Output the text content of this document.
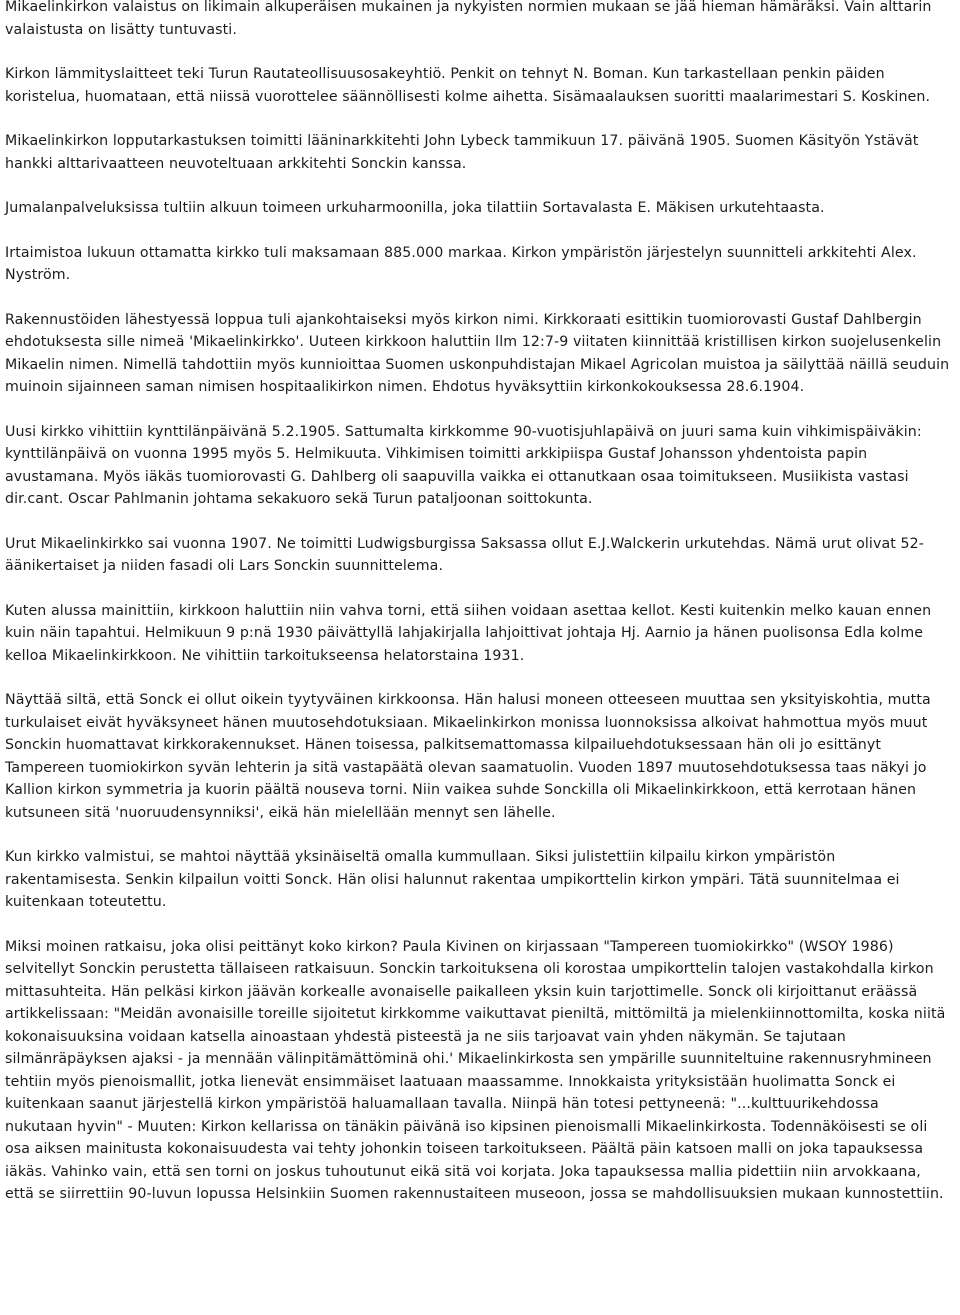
Mikaelinkirkon valaistus on likimain alkuperäisen mukainen ja nykyisten normien mukaan se jää hieman hämäräksi. Vain alttarin valaistusta on lisätty tuntuvasti.

Kirkon lämmityslaitteet teki Turun Rautateollisuusosakeyhtiö. Penkit on tehnyt N. Boman. Kun tarkastellaan penkin päiden koristelua, huomataan, että niissä vuorottelee säännöllisesti kolme aihetta. Sisämaalauksen suoritti maalarimestari S. Koskinen.

Mikaelinkirkon lopputarkastuksen toimitti lääninarkkitehti John Lybeck tammikuun 17. päivänä 1905. Suomen Käsityön Ystävät hankki alttarivaatteen neuvoteltuaan arkkitehti Sonckin kanssa.

Jumalanpalveluksissa tultiin alkuun toimeen urkuharmoonilla, joka tilattiin Sortavalasta E. Mäkisen urkutehtaasta.

Irtaimistoa lukuun ottamatta kirkko tuli maksamaan 885.000 markaa. Kirkon ympäristön järjestelyn suunnitteli arkkitehti Alex. Nyström.

Rakennustöiden lähestyessä loppua tuli ajankohtaiseksi myös kirkon nimi. Kirkkoraati esittikin tuomiorovasti Gustaf Dahlbergin ehdotuksesta sille nimeä 'Mikaelinkirkko'. Uuteen kirkkoon haluttiin llm 12:7-9 viitaten kiinnittää kristillisen kirkon suojelusenkelin Mikaelin nimen. Nimellä tahdottiin myös kunnioittaa Suomen uskonpuhdistajan Mikael Agricolan muistoa ja säilyttää näillä seuduin muinoin sijainneen saman nimisen hospitaalikirkon nimen. Ehdotus hyväksyttiin kirkonkokouksessa 28.6.1904.

Uusi kirkko vihittiin kynttilänpäivänä 5.2.1905. Sattumalta kirkkomme 90-vuotisjuhlapäivä on juuri sama kuin vihkimispäiväkin: kynttilänpäivä on vuonna 1995 myös 5. Helmikuuta. Vihkimisen toimitti arkkipiispa Gustaf Johansson yhdentoista papin avustamana. Myös iäkäs tuomiorovasti G. Dahlberg oli saapuvilla vaikka ei ottanutkaan osaa toimitukseen. Musiikista vastasi dir.cant. Oscar Pahlmanin johtama sekakuoro sekä Turun pataljoonan soittokunta.

Urut Mikaelinkirkko sai vuonna 1907. Ne toimitti Ludwigsburgissa Saksassa ollut E.J.Walckerin urkutehdas. Nämä urut olivat 52-äänikertaiset ja niiden fasadi oli Lars Sonckin suunnittelema.

Kuten alussa mainittiin, kirkkoon haluttiin niin vahva torni, että siihen voidaan asettaa kellot. Kesti kuitenkin melko kauan ennen kuin näin tapahtui. Helmikuun 9 p:nä 1930 päivättyllä lahjakirjalla lahjoittivat johtaja Hj. Aarnio ja hänen puolisonsa Edla kolme kelloa Mikaelinkirkkoon. Ne vihittiin tarkoitukseensa helatorstaina 1931.

Näyttää siltä, että Sonck ei ollut oikein tyytyväinen kirkkoonsa. Hän halusi moneen otteeseen muuttaa sen yksityiskohtia, mutta turkulaiset eivät hyväksyneet hänen muutosehdotuksiaan. Mikaelinkirkon monissa luonnoksissa alkoivat hahmottua myös muut Sonckin huomattavat kirkkorakennukset. Hänen toisessa, palkitsemattomassa kilpailuehdotuksessaan hän oli jo esittänyt Tampereen tuomiokirkon syvän lehterin ja sitä vastapäätä olevan saamatuolin. Vuoden 1897 muutosehdotuksessa taas näkyi jo Kallion kirkon symmetria ja kuorin päältä nouseva torni. Niin vaikea suhde Sonckilla oli Mikaelinkirkkoon, että kerrotaan hänen kutsuneen sitä 'nuoruudensynniksi', eikä hän mielellään mennyt sen lähelle.

Kun kirkko valmistui, se mahtoi näyttää yksinäiseltä omalla kummullaan. Siksi julistettiin kilpailu kirkon ympäristön rakentamisesta. Senkin kilpailun voitti Sonck. Hän olisi halunnut rakentaa umpikorttelin kirkon ympäri. Tätä suunnitelmaa ei kuitenkaan toteutettu.

Miksi moinen ratkaisu, joka olisi peittänyt koko kirkon? Paula Kivinen on kirjassaan "Tampereen tuomiokirkko" (WSOY 1986) selvitellyt Sonckin perustetta tällaiseen ratkaisuun. Sonckin tarkoituksena oli korostaa umpikorttelin talojen vastakohdalla kirkon mittasuhteita. Hän pelkäsi kirkon jäävän korkealle avonaiselle paikalleen yksin kuin tarjottimelle. Sonck oli kirjoittanut eräässä artikkelissaan: "Meidän avonaisille toreille sijoitetut kirkkomme vaikuttavat pieniltä, mittömiltä ja mielenkiinnottomilta, koska niitä kokonaisuuksina voidaan katsella ainoastaan yhdestä pisteestä ja ne siis tarjoavat vain yhden näkymän. Se tajutaan silmänräpäyksen ajaksi - ja mennään välinpitämättöminä ohi.' Mikaelinkirkosta sen ympärille suunniteltuine rakennusryhmineen tehtiin myös pienoismallit, jotka lienevät ensimmäiset laatuaan maassamme. Innokkaista yrityksistään huolimatta Sonck ei kuitenkaan saanut järjestellä kirkon ympäristöä haluamallaan tavalla. Niinpä hän totesi pettyneenä: "...kulttuurikehdossa nukutaan hyvin" - Muuten: Kirkon kellarissa on tänäkin päivänä iso kipsinen pienoismalli Mikaelinkirkosta. Todennäköisesti se oli osa aiksen mainitusta kokonaisuudesta vai tehty johonkin toiseen tarkoitukseen. Päältä päin katsoen malli on joka tapauksessa iäkäs. Vahinko vain, että sen torni on joskus tuhoutunut eikä sitä voi korjata. Joka tapauksessa mallia pidettiin niin arvokkaana, että se siirrettiin 90-luvun lopussa Helsinkiin Suomen rakennustaiteen museoon, jossa se mahdollisuuksien mukaan kunnostettiin.
